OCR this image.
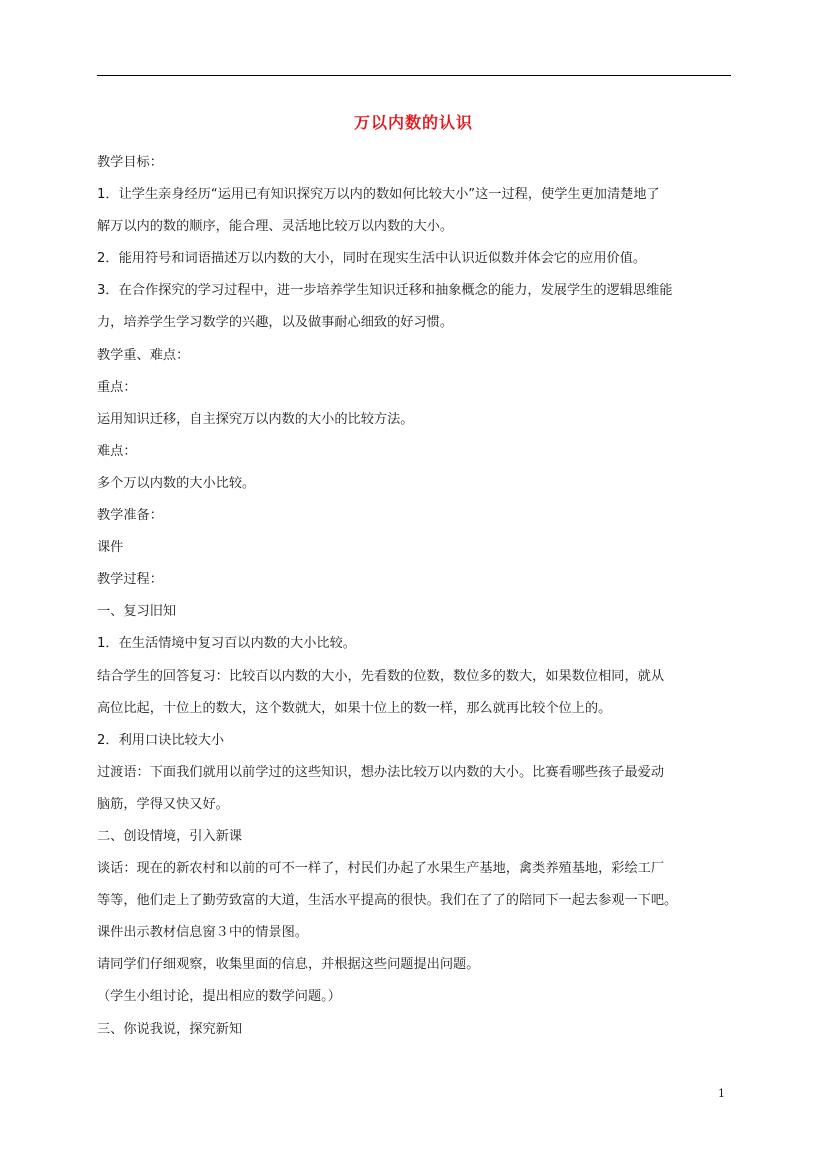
万以内数的认识
教学目标：
1．让学生亲身经历“运用已有知识探究万以内的数如何比较大小”这一过程，使学生更加清楚地了
解万以内的数的顺序，能合理、灵活地比较万以内数的大小。
2．能用符号和词语描述万以内数的大小，同时在现实生活中认识近似数并体会它的应用价值。
3．在合作探究的学习过程中，进一步培养学生知识迁移和抽象概念的能力，发展学生的逻辑思维能
力，培养学生学习数学的兴趣，以及做事耐心细致的好习惯。
教学重、难点：
重点：
运用知识迁移，自主探究万以内数的大小的比较方法。
难点：
多个万以内数的大小比较。
教学准备：
课件
教学过程：
一、复习旧知
1．在生活情境中复习百以内数的大小比较。
结合学生的回答复习：比较百以内数的大小，先看数的位数，数位多的数大，如果数位相同，就从
高位比起，十位上的数大，这个数就大，如果十位上的数一样，那么就再比较个位上的。
2．利用口诀比较大小
过渡语：下面我们就用以前学过的这些知识，想办法比较万以内数的大小。比赛看哪些孩子最爱动
脑筋，学得又快又好。
二、创设情境，引入新课
谈话：现在的新农村和以前的可不一样了，村民们办起了水果生产基地，禽类养殖基地，彩绘工厂
等等，他们走上了勤劳致富的大道，生活水平提高的很快。我们在了了的陪同下一起去参观一下吧。
课件出示教材信息窗３中的情景图。
请同学们仔细观察，收集里面的信息，并根据这些问题提出问题。
（学生小组讨论，提出相应的数学问题。）
三、你说我说，探究新知
1
